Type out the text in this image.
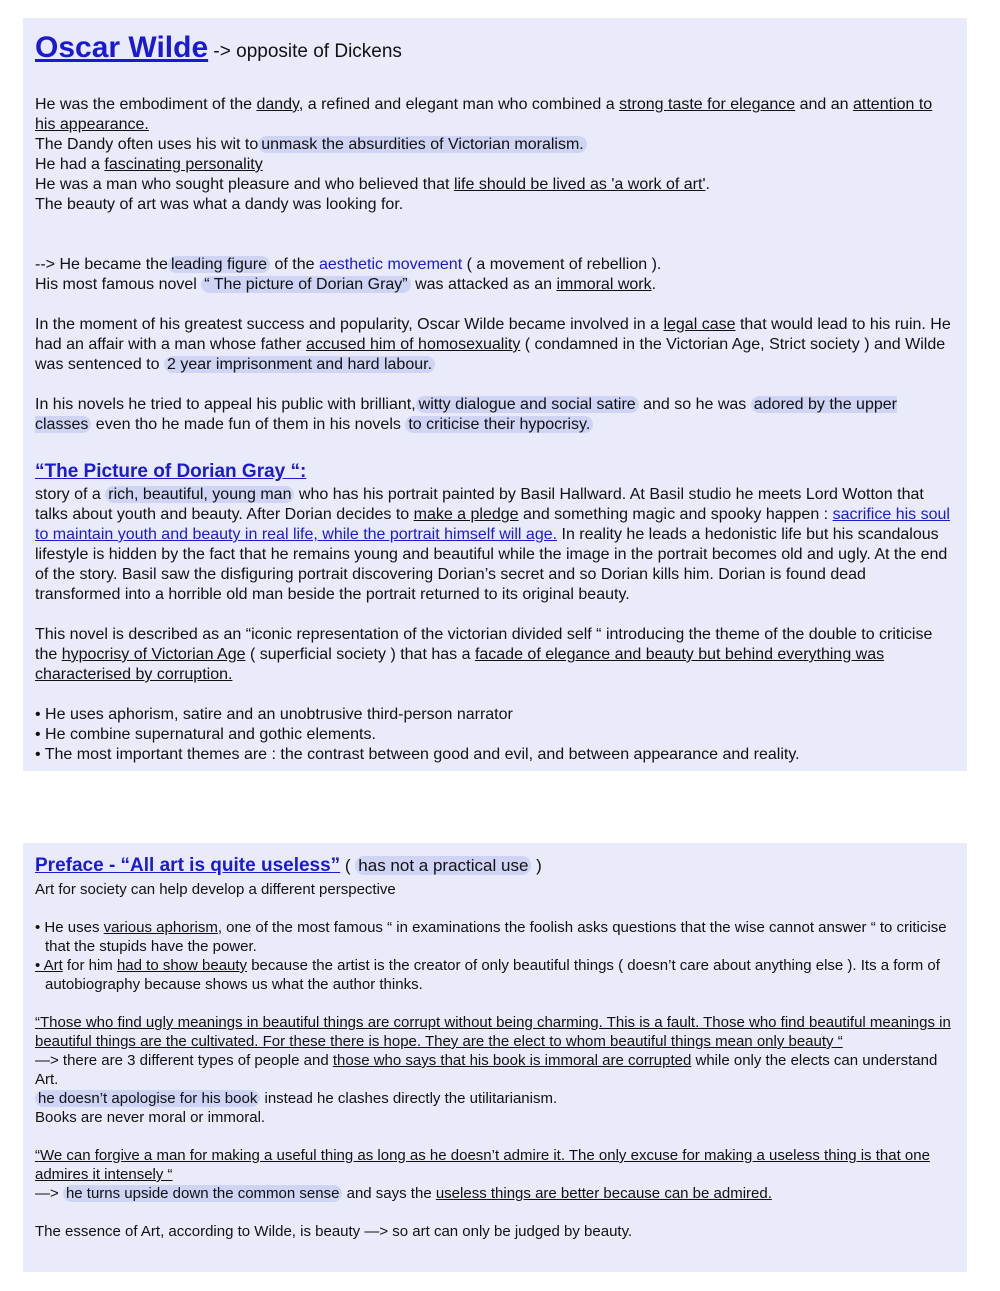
Oscar Wilde -> opposite of Dickens

He was the embodiment of the dandy, a refined and elegant man who combined a strong taste for elegance and an attention to his appearance.

The Dandy often uses his wit to unmask the absurdities of Victorian moralism.

He had a fascinating personality

He was a man who sought pleasure and who believed that life should be lived as 'a work of art'.

The beauty of art was what a dandy was looking for.

--> He became the leading figure of the aesthetic movement ( a movement of rebellion ).

His most famous novel “ The picture of Dorian Gray” was attacked as an immoral work.

In the moment of his greatest success and popularity, Oscar Wilde became involved in a legal case that would lead to his ruin. He had an affair with a man whose father accused him of homosexuality ( condamned in the Victorian Age, Strict society ) and Wilde was sentenced to 2 year imprisonment and hard labour.

In his novels he tried to appeal his public with brilliant, witty dialogue and social satire and so he was adored by the upper classes even tho he made fun of them in his novels to criticise their hypocrisy.

“The Picture of Dorian Gray “:

story of a rich, beautiful, young man who has his portrait painted by Basil Hallward. At Basil studio he meets Lord Wotton that talks about youth and beauty. After Dorian decides to make a pledge and something magic and spooky happen : sacrifice his soul to maintain youth and beauty in real life, while the portrait himself will age. In reality he leads a hedonistic life but his scandalous lifestyle is hidden by the fact that he remains young and beautiful while the image in the portrait becomes old and ugly. At the end of the story. Basil saw the disfiguring portrait discovering Dorian’s secret and so Dorian kills him. Dorian is found dead transformed into a horrible old man beside the portrait returned to its original beauty.

This novel is described as an “iconic representation of the victorian divided self “ introducing the theme of the double to criticise the hypocrisy of Victorian Age ( superficial society ) that has a facade of elegance and beauty but behind everything was characterised by corruption.

• He uses aphorism, satire and an unobtrusive third-person narrator

• He combine supernatural and gothic elements.

• The most important themes are : the contrast between good and evil, and between appearance and reality.

Preface - “All art is quite useless” ( has not a practical use )

Art for society can help develop a different perspective

• He uses various aphorism, one of the most famous “ in examinations the foolish asks questions that the wise cannot answer “ to criticise that the stupids have the power.

• Art for him had to show beauty because the artist is the creator of only beautiful things ( doesn’t care about anything else ). Its a form of autobiography because shows us what the author thinks.

“Those who find ugly meanings in beautiful things are corrupt without being charming. This is a fault. Those who find beautiful meanings in beautiful things are the cultivated. For these there is hope. They are the elect to whom beautiful things mean only beauty “

—> there are 3 different types of people and those who says that his book is immoral are corrupted while only the elects can understand Art.

he doesn’t apologise for his book instead he clashes directly the utilitarianism.

Books are never moral or immoral.

“We can forgive a man for making a useful thing as long as he doesn’t admire it. The only excuse for making a useless thing is that one admires it intensely “

—> he turns upside down the common sense and says the useless things are better because can be admired.

The essence of Art, according to Wilde, is beauty —> so art can only be judged by beauty.
